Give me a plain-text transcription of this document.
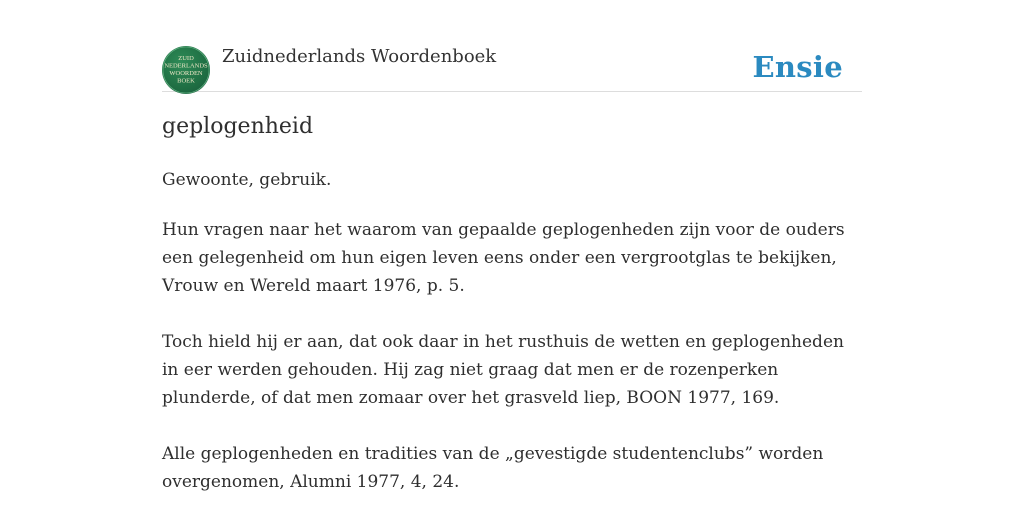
ZUID
NEDERLANDS
WOORDEN
BOEK
Zuidnederlands Woordenboek	Ensie
geplogenheid

Gewoonte, gebruik.

Hun vragen naar het waarom van gepaalde geplogenheden zijn voor de ouders een gelegenheid om hun eigen leven eens onder een vergrootglas te bekijken, Vrouw en Wereld maart 1976, p. 5.

Toch hield hij er aan, dat ook daar in het rusthuis de wetten en geplogenheden in eer werden gehouden. Hij zag niet graag dat men er de rozenperken plunderde, of dat men zomaar over het grasveld liep, BOON 1977, 169.

Alle geplogenheden en tradities van de „gevestigde studentenclubs” worden overgenomen, Alumni 1977, 4, 24.
